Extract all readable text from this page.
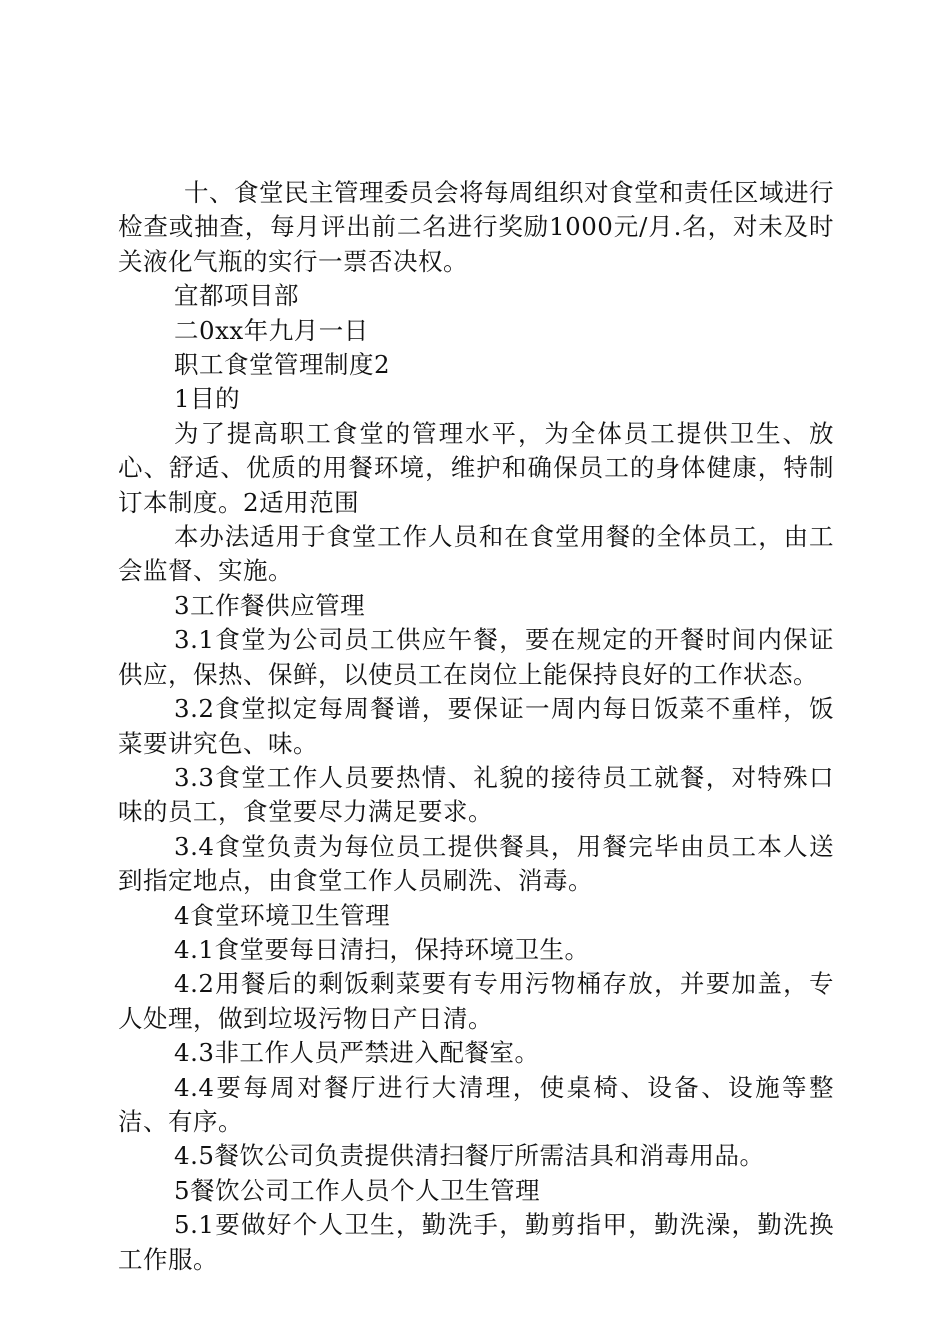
十、食堂民主管理委员会将每周组织对食堂和责任区域进行检查或抽查，每月评出前二名进行奖励1000元/月.名，对未及时关液化气瓶的实行一票否决权。

宜都项目部

二0xx年九月一日

职工食堂管理制度2

1目的

为了提高职工食堂的管理水平，为全体员工提供卫生、放心、舒适、优质的用餐环境，维护和确保员工的身体健康，特制订本制度。2适用范围

本办法适用于食堂工作人员和在食堂用餐的全体员工，由工会监督、实施。

3工作餐供应管理

3.1食堂为公司员工供应午餐，要在规定的开餐时间内保证供应，保热、保鲜，以使员工在岗位上能保持良好的工作状态。

3.2食堂拟定每周餐谱，要保证一周内每日饭菜不重样，饭菜要讲究色、味。

3.3食堂工作人员要热情、礼貌的接待员工就餐，对特殊口味的员工，食堂要尽力满足要求。

3.4食堂负责为每位员工提供餐具，用餐完毕由员工本人送到指定地点，由食堂工作人员刷洗、消毒。

4食堂环境卫生管理

4.1食堂要每日清扫，保持环境卫生。

4.2用餐后的剩饭剩菜要有专用污物桶存放，并要加盖，专人处理，做到垃圾污物日产日清。

4.3非工作人员严禁进入配餐室。

4.4要每周对餐厅进行大清理，使桌椅、设备、设施等整洁、有序。

4.5餐饮公司负责提供清扫餐厅所需洁具和消毒用品。

5餐饮公司工作人员个人卫生管理

5.1要做好个人卫生，勤洗手，勤剪指甲，勤洗澡，勤洗换工作服。
